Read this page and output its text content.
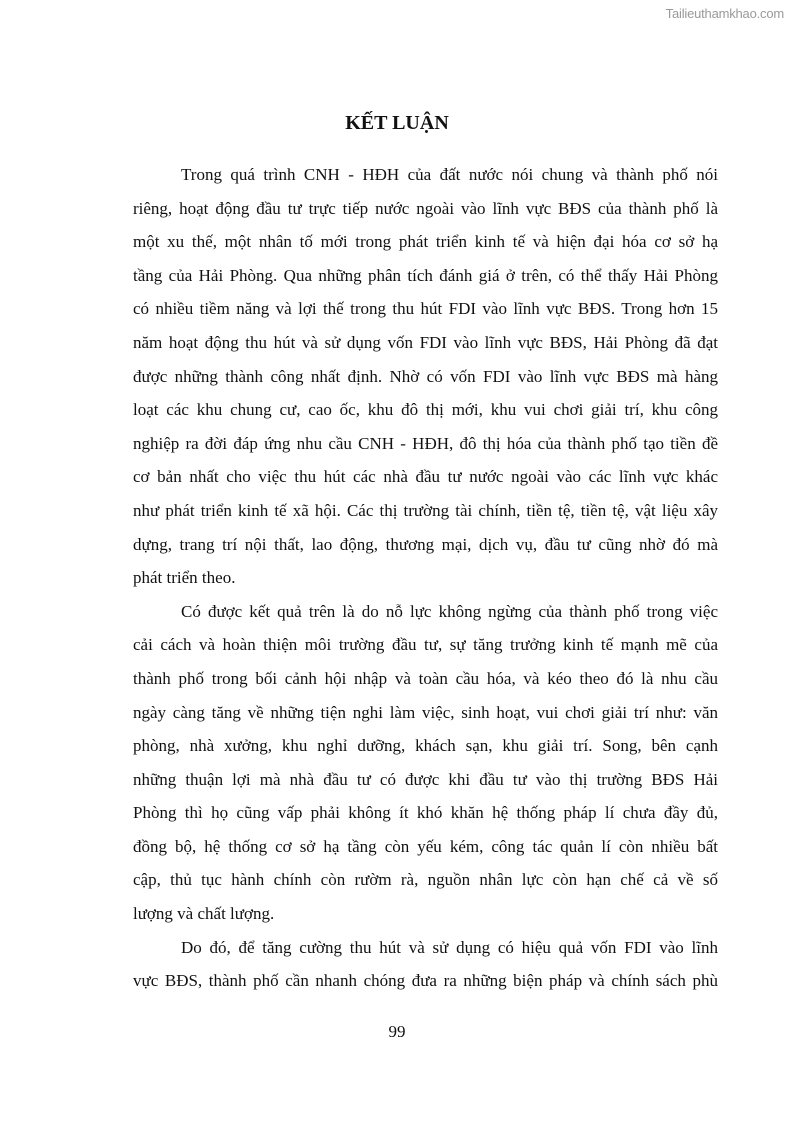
Tailieuthamkhao.com
KẾT LUẬN
Trong quá trình CNH - HĐH của đất nước nói chung và thành phố nói
riêng, hoạt động đầu tư trực tiếp nước ngoài vào lĩnh vực BĐS của thành phố là
một xu thế, một nhân tố mới trong phát triển kinh tế và hiện đại hóa cơ sở hạ
tầng của Hải Phòng. Qua những phân tích đánh giá ở trên, có thể thấy Hải Phòng
có nhiều tiềm năng và lợi thế trong thu hút FDI vào lĩnh vực BĐS. Trong hơn 15
năm hoạt động thu hút và sử dụng vốn FDI vào lĩnh vực BĐS, Hải Phòng đã đạt
được những thành công nhất định. Nhờ có vốn FDI vào lĩnh vực BĐS mà hàng
loạt các khu chung cư, cao ốc, khu đô thị mới, khu vui chơi giải trí, khu công
nghiệp ra đời đáp ứng nhu cầu CNH - HĐH, đô thị hóa của thành phố tạo tiền đề
cơ bản nhất cho việc thu hút các nhà đầu tư nước ngoài vào các lĩnh vực khác
như phát triển kinh tế xã hội. Các thị trường tài chính, tiền tệ, tiền tệ, vật liệu xây
dựng, trang trí nội thất, lao động, thương mại, dịch vụ, đầu tư cũng nhờ đó mà
phát triển theo.
Có được kết quả trên là do nỗ lực không ngừng của thành phố trong việc
cải cách và hoàn thiện môi trường đầu tư, sự tăng trưởng kinh tế mạnh mẽ của
thành phố trong bối cảnh hội nhập và toàn cầu hóa, và kéo theo đó là nhu cầu
ngày càng tăng về những tiện nghi làm việc, sinh hoạt, vui chơi giải trí như: văn
phòng, nhà xưởng, khu nghỉ dưỡng, khách sạn, khu giải trí. Song, bên cạnh
những thuận lợi mà nhà đầu tư có được khi đầu tư vào thị trường BĐS Hải
Phòng thì họ cũng vấp phải không ít khó khăn hệ thống pháp lí chưa đầy đủ,
đồng bộ, hệ thống cơ sở hạ tầng còn yếu kém, công tác quản lí còn nhiều bất
cập, thủ tục hành chính còn rườm rà, nguồn nhân lực còn hạn chế cả về số
lượng và chất lượng.
Do đó, để tăng cường thu hút và sử dụng có hiệu quả vốn FDI vào lĩnh
vực BĐS, thành phố cần nhanh chóng đưa ra những biện pháp và chính sách phù
99
